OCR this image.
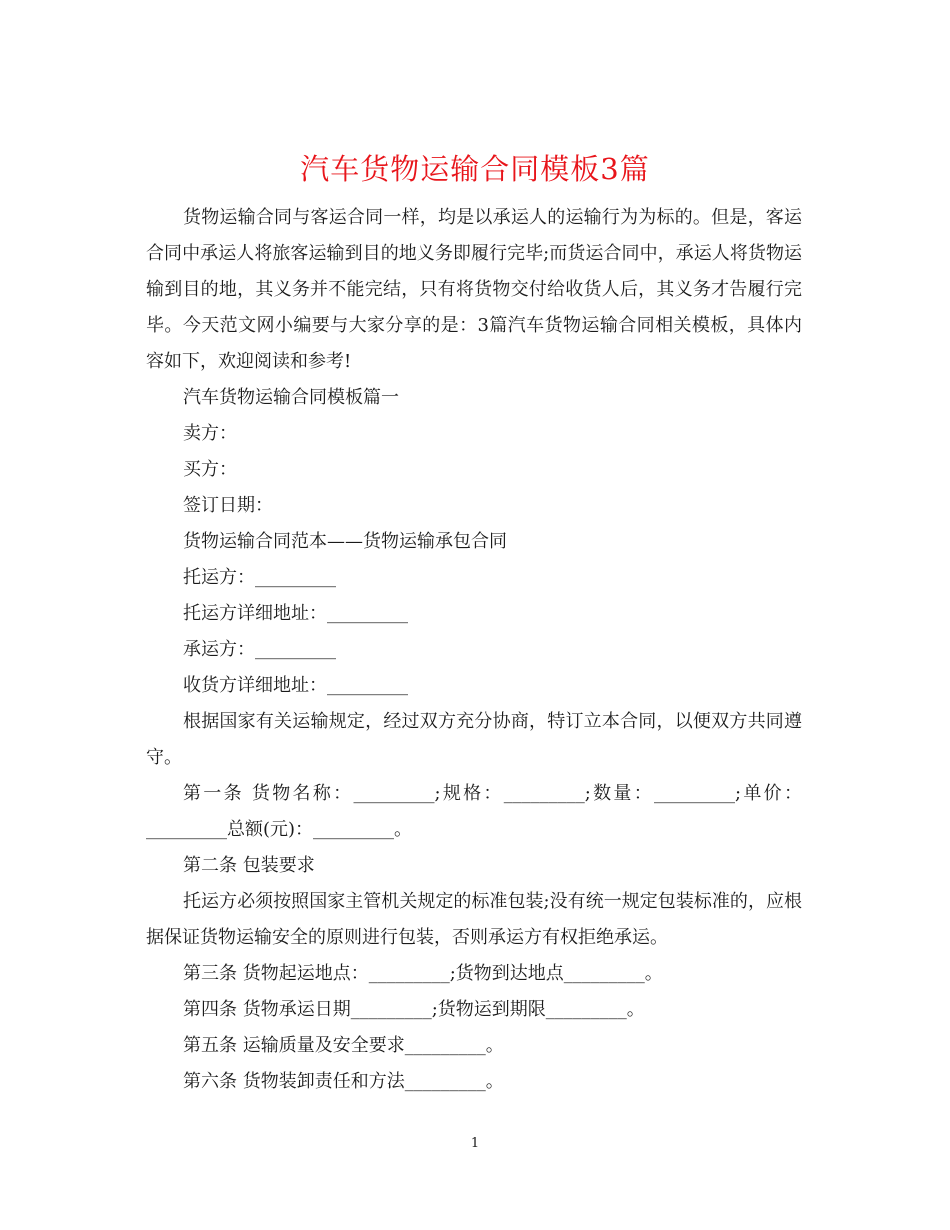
汽车货物运输合同模板3篇

货物运输合同与客运合同一样，均是以承运人的运输行为为标的。但是，客运合同中承运人将旅客运输到目的地义务即履行完毕;而货运合同中，承运人将货物运输到目的地，其义务并不能完结，只有将货物交付给收货人后，其义务才告履行完毕。今天范文网小编要与大家分享的是：3篇汽车货物运输合同相关模板，具体内容如下，欢迎阅读和参考!

汽车货物运输合同模板篇一

卖方：

买方：

签订日期：

货物运输合同范本——货物运输承包合同

托运方：_________

托运方详细地址：_________

承运方：_________

收货方详细地址：_________

根据国家有关运输规定，经过双方充分协商，特订立本合同，以便双方共同遵守。

第一条 货物名称：_________;规格：_________;数量：_________;单价：_________总额(元)：_________。

第二条 包装要求

托运方必须按照国家主管机关规定的标准包装;没有统一规定包装标准的，应根据保证货物运输安全的原则进行包装，否则承运方有权拒绝承运。

第三条 货物起运地点：_________;货物到达地点_________。

第四条 货物承运日期_________;货物运到期限_________。

第五条 运输质量及安全要求_________。

第六条 货物装卸责任和方法_________。

1
